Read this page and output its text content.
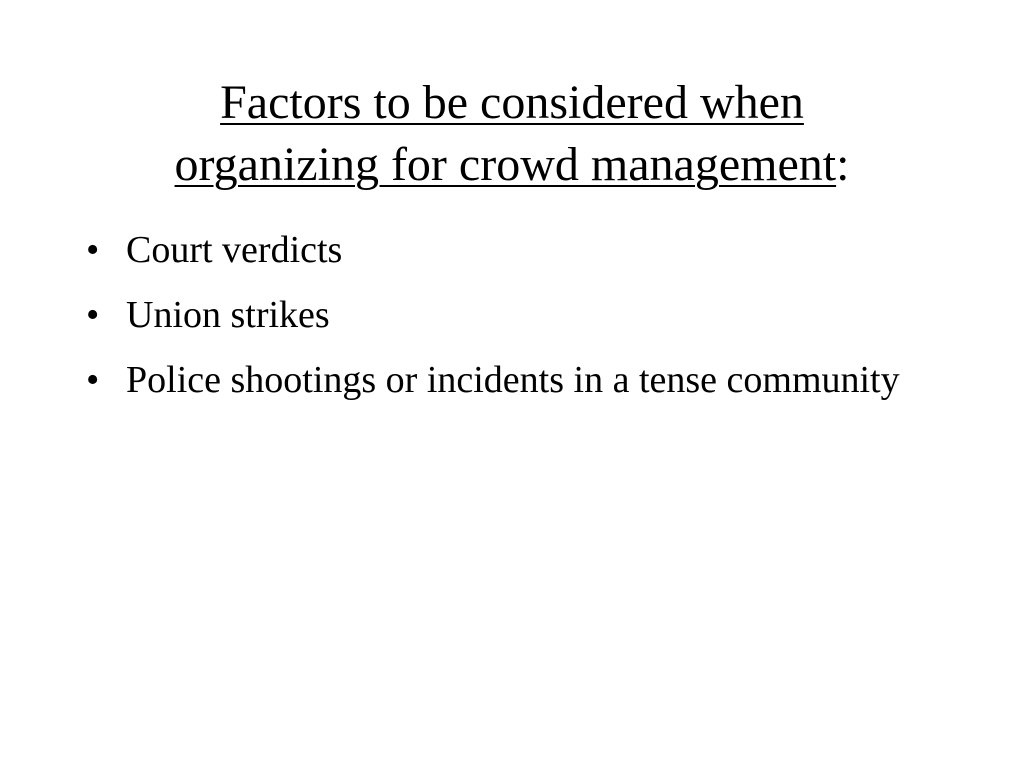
Factors to be considered when
organizing for crowd management:
• Court verdicts
• Union strikes
• Police shootings or incidents in a tense community
